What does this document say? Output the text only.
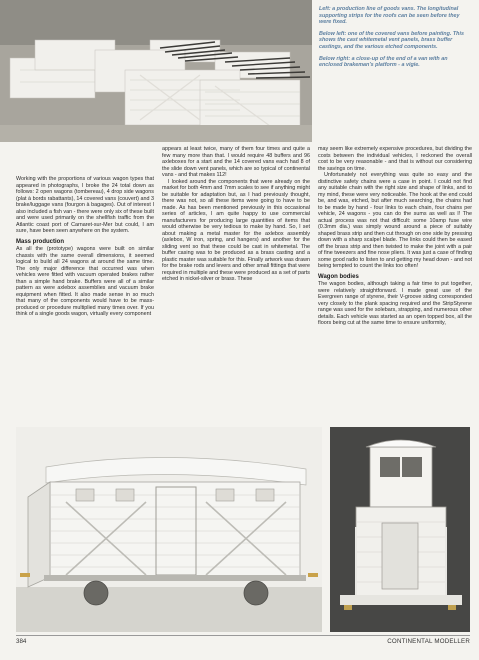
Left: a production line of goods vans. The longitudinal supporting strips for the roofs can be seen before they were fixed.

Below left: one of the covered vans before painting. This shows the cast whitemetal vent panels, brass buffer castings, and the various etched components.

Below right: a close-up of the end of a van with an enclosed brakeman's platform - a vigie.

Working with the proportions of various wagon types that appeared in photographs, I broke the 24 total down as follows: 2 open wagons (tombereau), 4 drop side wagons (plat à bords rabattants), 14 covered vans (couvert) and 3 brake/luggage vans (fourgon à bagages). Out of interest I also included a fish van - there were only six of these built and were used primarily on the shellfish traffic from the Atlantic coast port of Carnaret-sur-Mer but could, I am sure, have been seen anywhere on the system.

Mass production

As all the (prototype) wagons were built on similar chassis with the same overall dimensions, it seemed logical to build all 24 wagons at around the same time. The only major difference that occurred was when vehicles were fitted with vacuum operated brakes rather than a simple hand brake. Buffers were all of a similar pattern as were axlebox assemblies and vacuum brake equipment when fitted. It also made sense in so much that many of the components would have to be mass-produced or procedure multiplied many times over. If you think of a single goods wagon, virtually every component

appears at least twice, many of them four times and quite a few many more than that. I would require 48 buffers and 96 axleboxes for a start and the 14 covered vans each had 8 of the slide down vent panels, which are so typical of continental vans - and that makes 112!

I looked around the components that were already on the market for both 4mm and 7mm scales to see if anything might be suitable for adaptation but, as I had previously thought, there was not, so all these items were going to have to be made. As has been mentioned previously in this occasional series of articles, I am quite happy to use commercial manufacturers for producing large quantities of items that would otherwise be very tedious to make by hand. So, I set about making a metal master for the axlebox assembly (axlebox, W iron, spring, and hangers) and another for the sliding vent so that these could be cast in whitemetal. The buffer casing was to be produced as a brass casting and a plastic master was suitable for this. Finally artwork was drawn for the brake rods and levers and other small fittings that were required in multiple and these were produced as a set of parts etched in nickel-silver or brass. These

may seem like extremely expensive procedures, but dividing the costs between the individual vehicles, I reckoned the overall cost to be very reasonable - and that is without our considering the savings on time.

Unfortunately not everything was quite so easy and the distinctive safety chains were a case in point. I could not find any suitable chain with the right size and shape of links, and to my mind, these were very noticeable. The hook at the end could be, and was, etched, but after much searching, the chains had to be made by hand - four links to each chain, four chains per vehicle, 24 wagons - you can do the sums as well as I! The actual process was not that difficult: some 10amp fuse wire (0.3mm dia.) was simply wound around a piece of suitably shaped brass strip and then cut through on one side by pressing down with a sharp scalpel blade. The links could then be eased off the brass strip and then twisted to make the joint with a pair of fine tweezers and fine nose pliers. It was just a case of finding some good radio to listen to and getting my head down - and not being tempted to count the links too often!

Wagon bodies

The wagon bodies, although taking a fair time to put together, were relatively straightforward. I made great use of the Evergreen range of styrene, their V-groove siding corresponded very closely to the plank spacing required and the StripStyrene range was used for the solebars, strapping, and numerous other details. Each vehicle was started as an open topped box, all the floors being cut at the same time to ensure uniformity,

384	CONTINENTAL MODELLER
